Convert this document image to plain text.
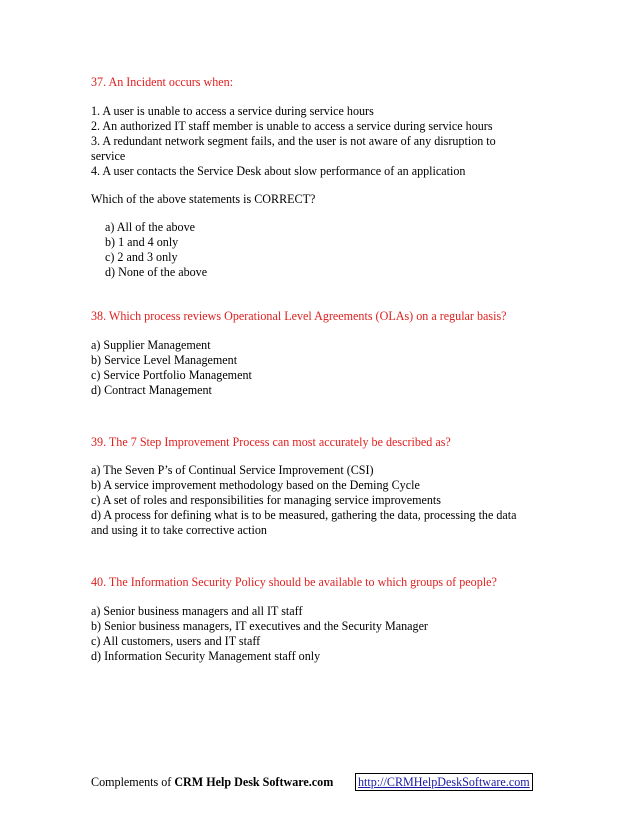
37. An Incident occurs when:
1. A user is unable to access a service during service hours
2. An authorized IT staff member is unable to access a service during service hours
3. A redundant network segment fails, and the user is not aware of any disruption to
service
4. A user contacts the Service Desk about slow performance of an application
Which of the above statements is CORRECT?
a) All of the above
b) 1 and 4 only
c) 2 and 3 only
d) None of the above
38. Which process reviews Operational Level Agreements (OLAs) on a regular basis?
a) Supplier Management
b) Service Level Management
c) Service Portfolio Management
d) Contract Management
39. The 7 Step Improvement Process can most accurately be described as?
a) The Seven P’s of Continual Service Improvement (CSI)
b) A service improvement methodology based on the Deming Cycle
c) A set of roles and responsibilities for managing service improvements
d) A process for defining what is to be measured, gathering the data, processing the data
and using it to take corrective action
40. The Information Security Policy should be available to which groups of people?
a) Senior business managers and all IT staff
b) Senior business managers, IT executives and the Security Manager
c) All customers, users and IT staff
d) Information Security Management staff only
Complements of CRM Help Desk Software.com http://CRMHelpDeskSoftware.com
